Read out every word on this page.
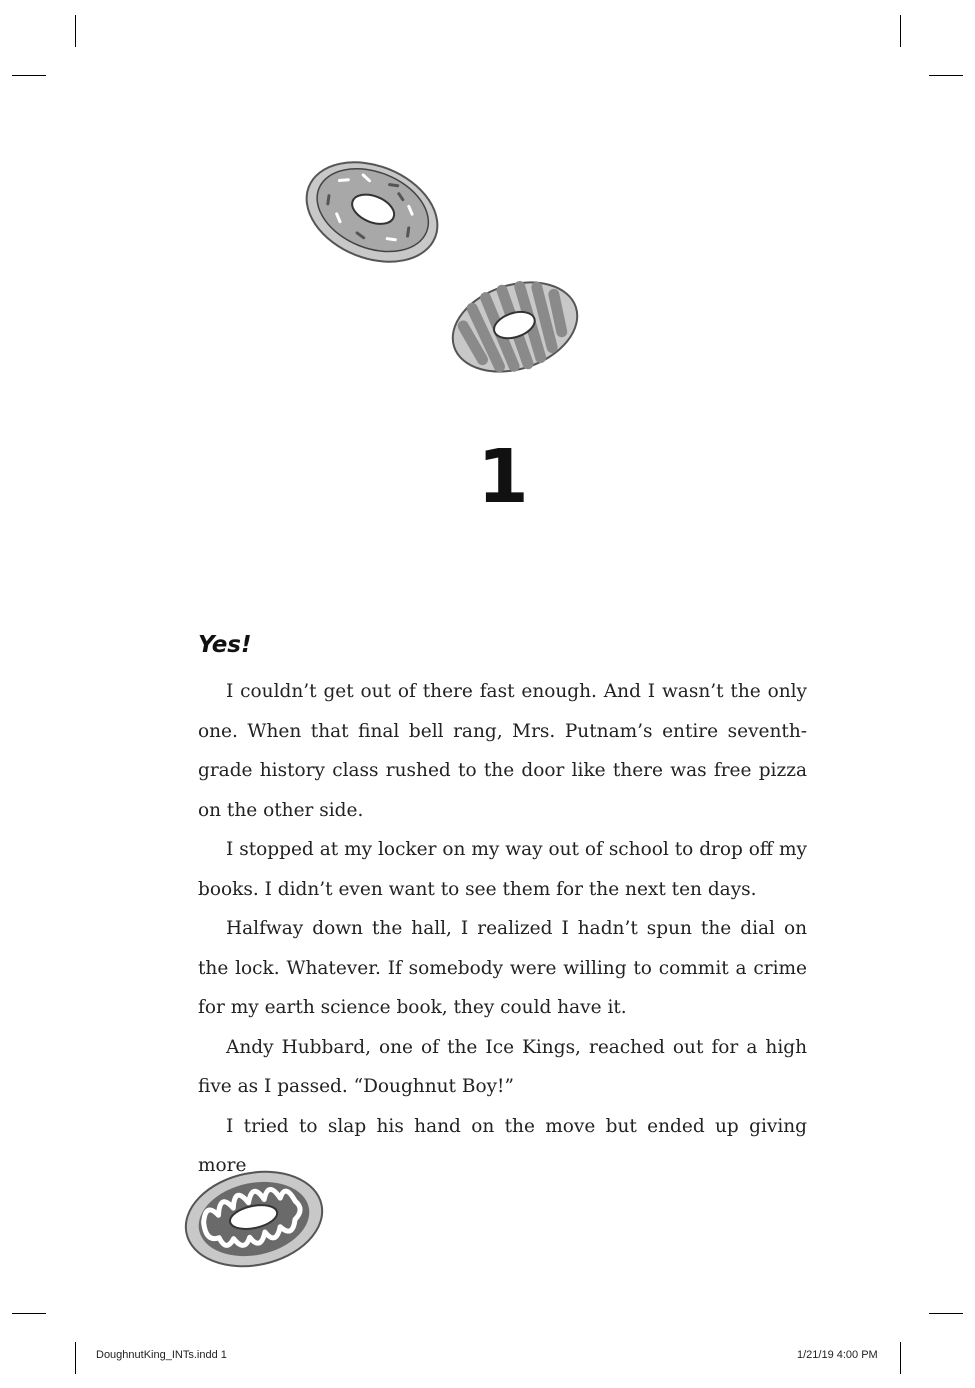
1
Yes!

I couldn’t get out of there fast enough. And I wasn’t the only one. When that final bell rang, Mrs. Putnam’s entire seventh-grade history class rushed to the door like there was free pizza on the other side.

I stopped at my locker on my way out of school to drop off my books. I didn’t even want to see them for the next ten days.

Halfway down the hall, I realized I hadn’t spun the dial on the lock. Whatever. If somebody were willing to commit a crime for my earth science book, they could have it.

Andy Hubbard, one of the Ice Kings, reached out for a high five as I passed. “Doughnut Boy!”

I tried to slap his hand on the move but ended up giving more

DoughnutKing_INTs.indd 1	1/21/19 4:00 PM
